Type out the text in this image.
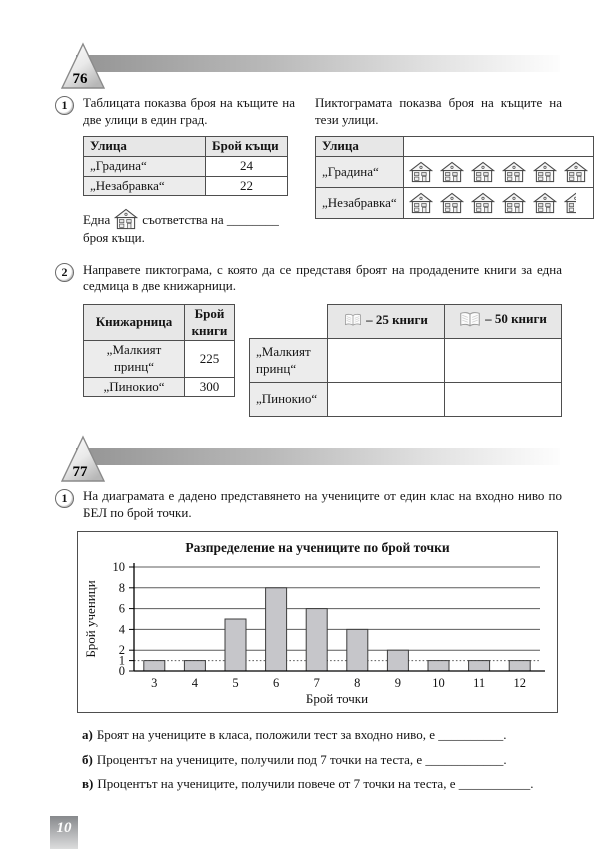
76
1	Таблицата показва броя на къщите на две улици в един град.

Улица	Брой къщи
„Градина“	24
„Незабравка“	22

Една съответства на ________ броя къщи.

Пиктограмата показва броя на къщите на тези улици.

Улица	
„Градина“	

„Незабравка“	
2	Направете пиктограма, с която да се представя броят на продадените книги за една седмица в две книжарници.

Книжарница	Брой книги
„Малкият принц“	225
„Пинокио“	300

	– 25 книги	– 50 книги

„Малкият принц“		
„Пинокио“		
77
1	На диаграмата е дадено представянето на учениците от един клас на входно ниво по БЕЛ по брой точки.

Разпределение на учениците по брой точки
0
1
2
4
6
8
10
3	4	5	6	7	8	9 10 11 12
Брой точки
Брой ученици
а) Броят на учениците в класа, положили тест за входно ниво, е __________.
б) Процентът на учениците, получили под 7 точки на теста, е ____________.
в) Процентът на учениците, получили повече от 7 точки на теста, е ___________.
10
